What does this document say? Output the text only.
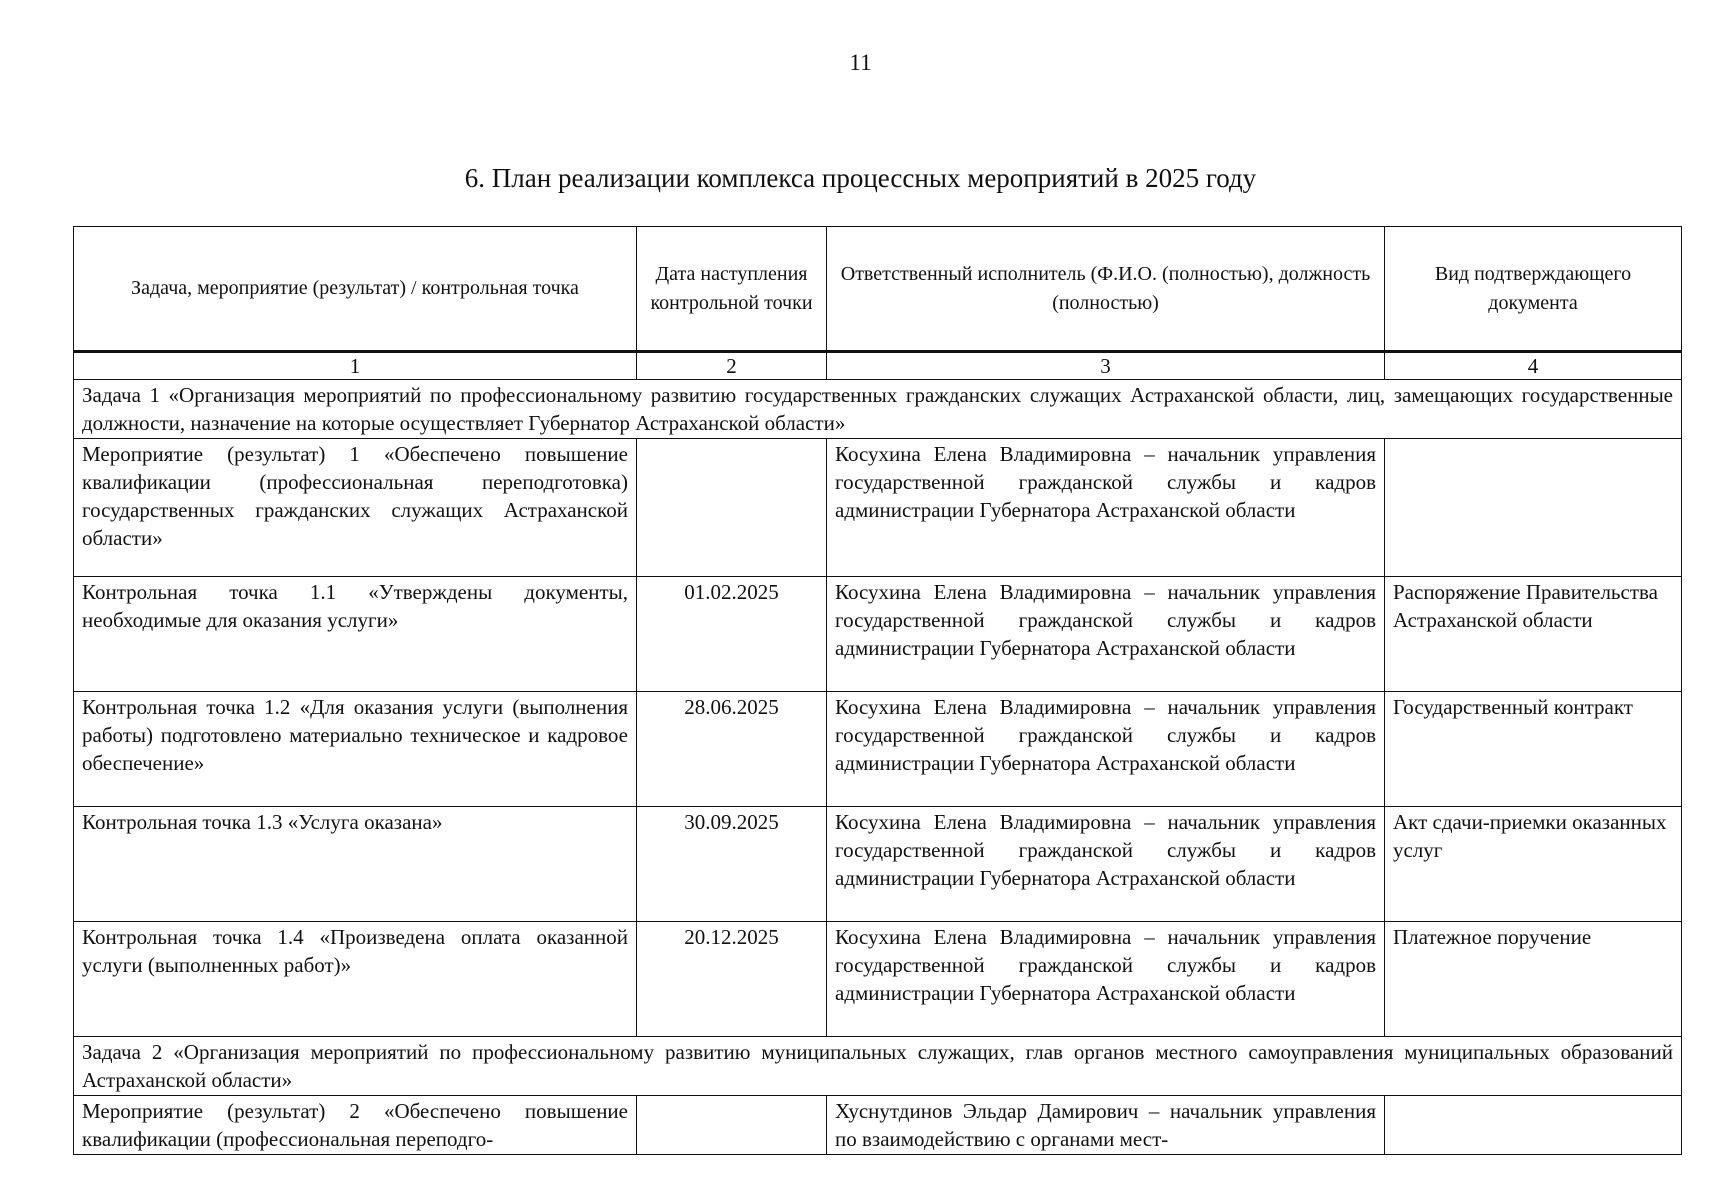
11
6. План реализации комплекса процессных мероприятий в 2025 году
Задача, мероприятие (результат) / контрольная точка	Дата наступления контрольной точки	Ответственный исполнитель (Ф.И.О. (полностью), должность (полностью)	Вид подтверждающего документа
1	2	3	4
Задача 1 «Организация мероприятий по профессиональному развитию государственных гражданских служащих Астраханской области, лиц, замещающих государственные должности, назначение на которые осуществляет Губернатор Астраханской области»			
Мероприятие (результат) 1 «Обеспечено повышение квалификации (профессиональная переподготовка) государственных гражданских служащих Астраханской области»		Косухина Елена Владимировна – начальник управления государственной гражданской службы и кадров администрации Губернатора Астраханской области	
Контрольная точка 1.1 «Утверждены документы, необходимые для оказания услуги»	01.02.2025	Косухина Елена Владимировна – начальник управления государственной гражданской службы и кадров администрации Губернатора Астраханской области	Распоряжение Правительства Астраханской области
Контрольная точка 1.2 «Для оказания услуги (выполнения работы) подготовлено материально техническое и кадровое обеспечение»	28.06.2025	Косухина Елена Владимировна – начальник управления государственной гражданской службы и кадров администрации Губернатора Астраханской области	Государственный контракт
Контрольная точка 1.3 «Услуга оказана»	30.09.2025	Косухина Елена Владимировна – начальник управления государственной гражданской службы и кадров администрации Губернатора Астраханской области	Акт сдачи-приемки оказанных услуг
Контрольная точка 1.4 «Произведена оплата оказанной услуги (выполненных работ)»	20.12.2025	Косухина Елена Владимировна – начальник управления государственной гражданской службы и кадров администрации Губернатора Астраханской области	Платежное поручение
Задача 2 «Организация мероприятий по профессиональному развитию муниципальных служащих, глав органов местного самоуправления муниципальных образований Астраханской области»			
Мероприятие (результат) 2 «Обеспечено повышение квалификации (профессиональная переподго-		Хуснутдинов Эльдар Дамирович – начальник управления по взаимодействию с органами мест-	
